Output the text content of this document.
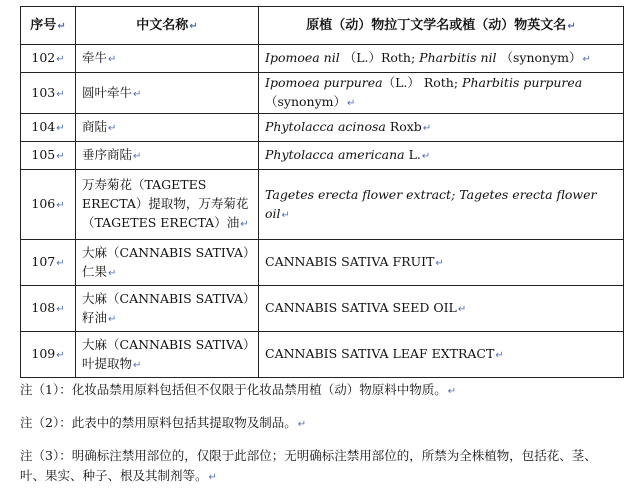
序号↵	中文名称↵	原植（动）物拉丁文学名或植（动）物英文名↵
102↵	牵牛↵	Ipomoea nil （L.）Roth; Pharbitis nil （synonym）↵
103↵	圆叶牵牛↵	Ipomoea purpurea（L.） Roth; Pharbitis purpurea （synonym）↵
104↵	商陆↵	Phytolacca acinosa Roxb↵
105↵	垂序商陆↵	Phytolacca americana L.↵
106↵	万寿菊花（TAGETES ERECTA）提取物，万寿菊花（TAGETES ERECTA）油↵	Tagetes erecta flower extract; Tagetes erecta flower oil↵
107↵	大麻（CANNABIS SATIVA）仁果↵	CANNABIS SATIVA FRUIT↵
108↵	大麻（CANNABIS SATIVA）籽油↵	CANNABIS SATIVA SEED OIL↵
109↵	大麻（CANNABIS SATIVA）叶提取物↵	CANNABIS SATIVA LEAF EXTRACT↵
注（1）：化妆品禁用原料包括但不仅限于化妆品禁用植（动）物原料中物质。↵
注（2）：此表中的禁用原料包括其提取物及制品。↵
注（3）：明确标注禁用部位的，仅限于此部位；无明确标注禁用部位的，所禁为全株植物，包括花、茎、叶、果实、种子、根及其制剂等。↵
